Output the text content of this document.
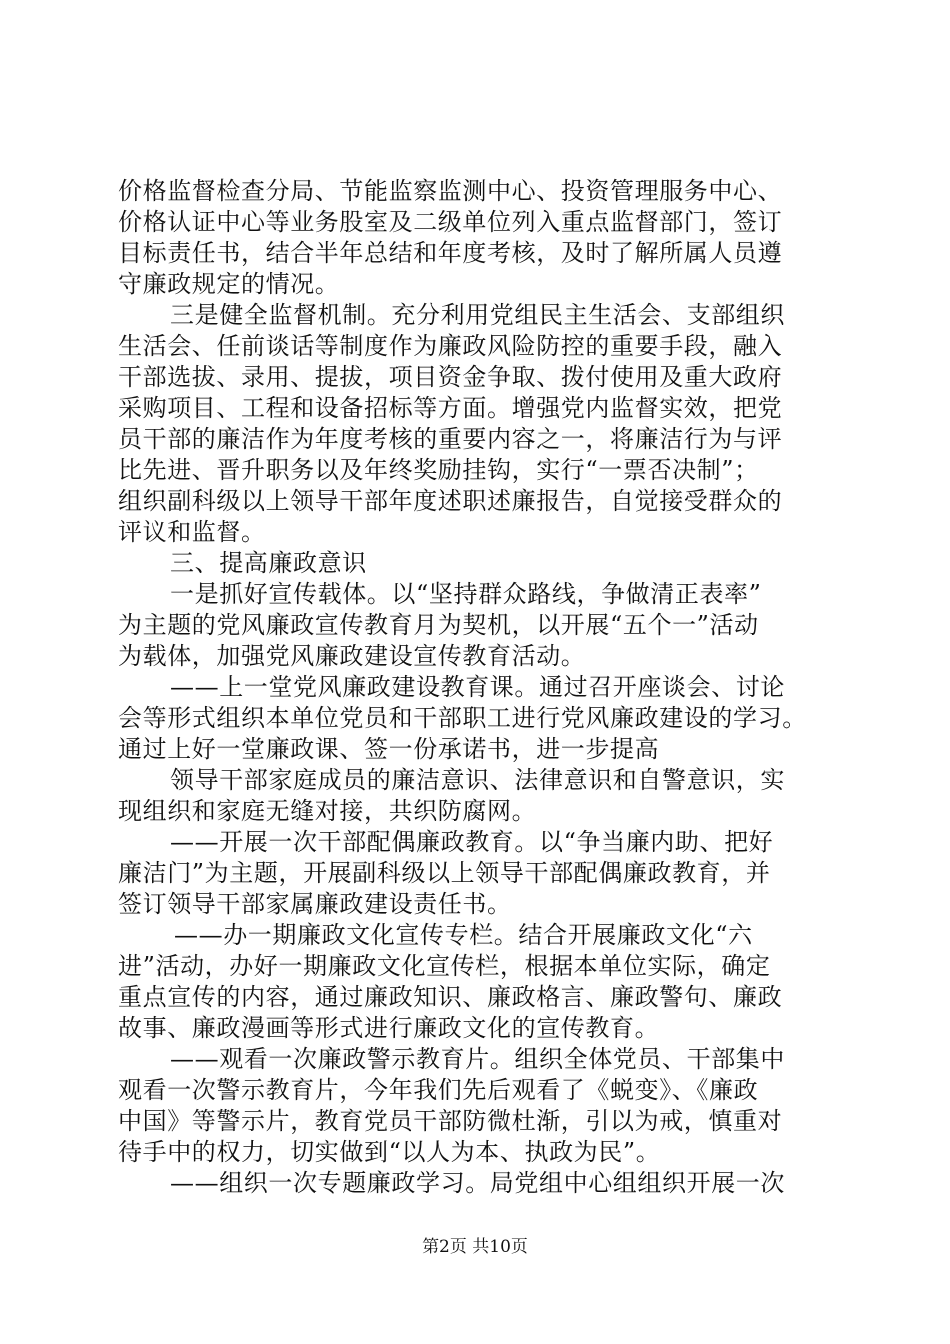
价格监督检查分局、节能监察监测中心、投资管理服务中心、
价格认证中心等业务股室及二级单位列入重点监督部门，签订
目标责任书，结合半年总结和年度考核，及时了解所属人员遵
守廉政规定的情况。
三是健全监督机制。充分利用党组民主生活会、支部组织
生活会、任前谈话等制度作为廉政风险防控的重要手段，融入
干部选拔、录用、提拔，项目资金争取、拨付使用及重大政府
采购项目、工程和设备招标等方面。增强党内监督实效，把党
员干部的廉洁作为年度考核的重要内容之一，将廉洁行为与评
比先进、晋升职务以及年终奖励挂钩，实行“一票否决制”；
组织副科级以上领导干部年度述职述廉报告，自觉接受群众的
评议和监督。
三、提高廉政意识
一是抓好宣传载体。以“坚持群众路线，争做清正表率”
为主题的党风廉政宣传教育月为契机，以开展“五个一”活动
为载体，加强党风廉政建设宣传教育活动。
——上一堂党风廉政建设教育课。通过召开座谈会、讨论
会等形式组织本单位党员和干部职工进行党风廉政建设的学习。
通过上好一堂廉政课、签一份承诺书，进一步提高
领导干部家庭成员的廉洁意识、法律意识和自警意识，实
现组织和家庭无缝对接，共织防腐网。
——开展一次干部配偶廉政教育。以“争当廉内助、把好
廉洁门”为主题，开展副科级以上领导干部配偶廉政教育，并
签订领导干部家属廉政建设责任书。
——办一期廉政文化宣传专栏。结合开展廉政文化“六
进”活动，办好一期廉政文化宣传栏，根据本单位实际，确定
重点宣传的内容，通过廉政知识、廉政格言、廉政警句、廉政
故事、廉政漫画等形式进行廉政文化的宣传教育。
——观看一次廉政警示教育片。组织全体党员、干部集中
观看一次警示教育片，今年我们先后观看了《蜕变》、《廉政
中国》等警示片，教育党员干部防微杜渐，引以为戒，慎重对
待手中的权力，切实做到“以人为本、执政为民”。
——组织一次专题廉政学习。局党组中心组组织开展一次
第2页 共10页
